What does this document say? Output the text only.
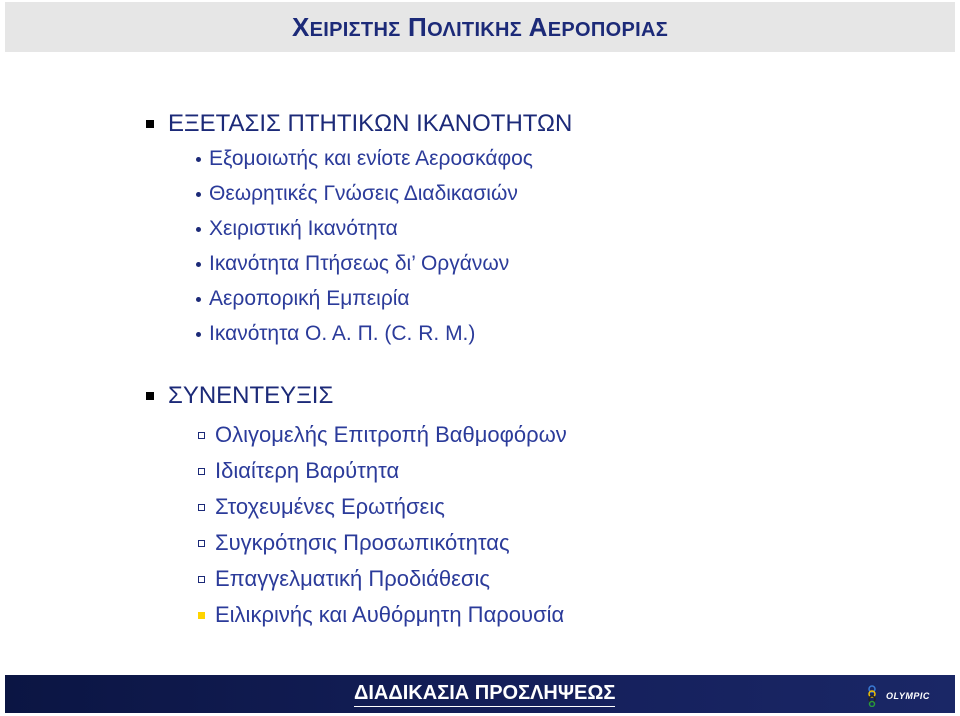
ΧΕΙΡΙΣΤΗΣ ΠΟΛΙΤΙΚΗΣ ΑΕΡΟΠΟΡΙΑΣ
ΕΞΕΤΑΣΙΣ ΠΤΗΤΙΚΩΝ ΙΚΑΝΟΤΗΤΩΝ
Εξομοιωτής και ενίοτε Αεροσκάφος
Θεωρητικές Γνώσεις Διαδικασιών
Χειριστική Ικανότητα
Ικανότητα Πτήσεως δι’ Οργάνων
Αεροπορική Εμπειρία
Ικανότητα Ο. Α. Π. (C. R. M.)
ΣΥΝΕΝΤΕΥΞΙΣ
Ολιγομελής Επιτροπή Βαθμοφόρων
Ιδιαίτερη Βαρύτητα
Στοχευμένες Ερωτήσεις
Συγκρότησις Προσωπικότητας
Επαγγελματική Προδιάθεσις
Ειλικρινής και Αυθόρμητη Παρουσία
ΔΙΑΔΙΚΑΣΙΑ ΠΡΟΣΛΗΨΕΩΣ	OLYMPIC
